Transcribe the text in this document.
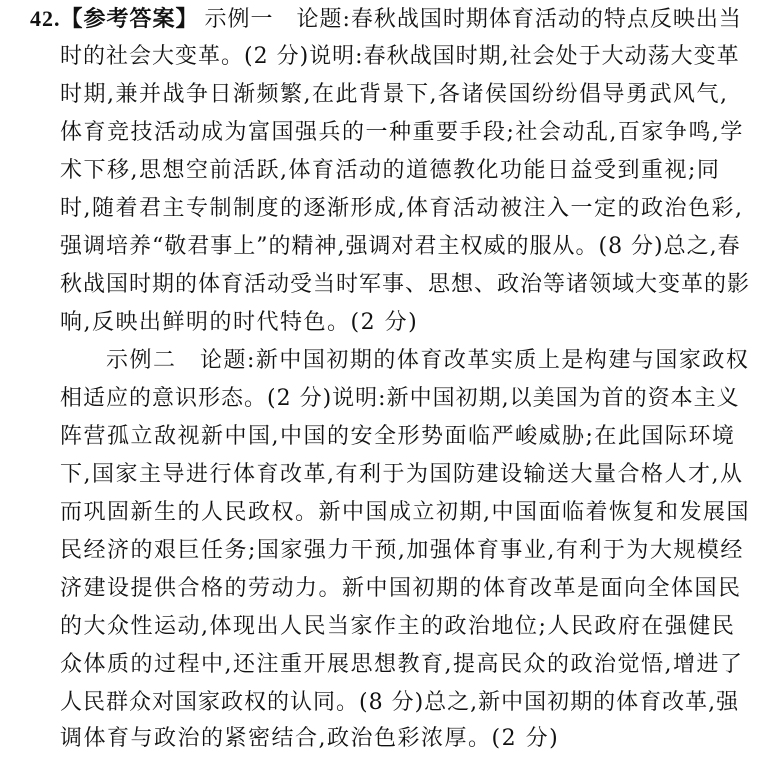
42.【参考答案】 示例一　论题:春秋战国时期体育活动的特点反映出当
时的社会大变革。(2 分)说明:春秋战国时期,社会处于大动荡大变革
时期,兼并战争日渐频繁,在此背景下,各诸侯国纷纷倡导勇武风气,
体育竞技活动成为富国强兵的一种重要手段;社会动乱,百家争鸣,学
术下移,思想空前活跃,体育活动的道德教化功能日益受到重视;同
时,随着君主专制制度的逐渐形成,体育活动被注入一定的政治色彩,
强调培养“敬君事上”的精神,强调对君主权威的服从。(8 分)总之,春
秋战国时期的体育活动受当时军事、思想、政治等诸领域大变革的影
响,反映出鲜明的时代特色。(2 分)
示例二　论题:新中国初期的体育改革实质上是构建与国家政权
相适应的意识形态。(2 分)说明:新中国初期,以美国为首的资本主义
阵营孤立敌视新中国,中国的安全形势面临严峻威胁;在此国际环境
下,国家主导进行体育改革,有利于为国防建设输送大量合格人才,从
而巩固新生的人民政权。新中国成立初期,中国面临着恢复和发展国
民经济的艰巨任务;国家强力干预,加强体育事业,有利于为大规模经
济建设提供合格的劳动力。新中国初期的体育改革是面向全体国民
的大众性运动,体现出人民当家作主的政治地位;人民政府在强健民
众体质的过程中,还注重开展思想教育,提高民众的政治觉悟,增进了
人民群众对国家政权的认同。(8 分)总之,新中国初期的体育改革,强
调体育与政治的紧密结合,政治色彩浓厚。(2 分)
